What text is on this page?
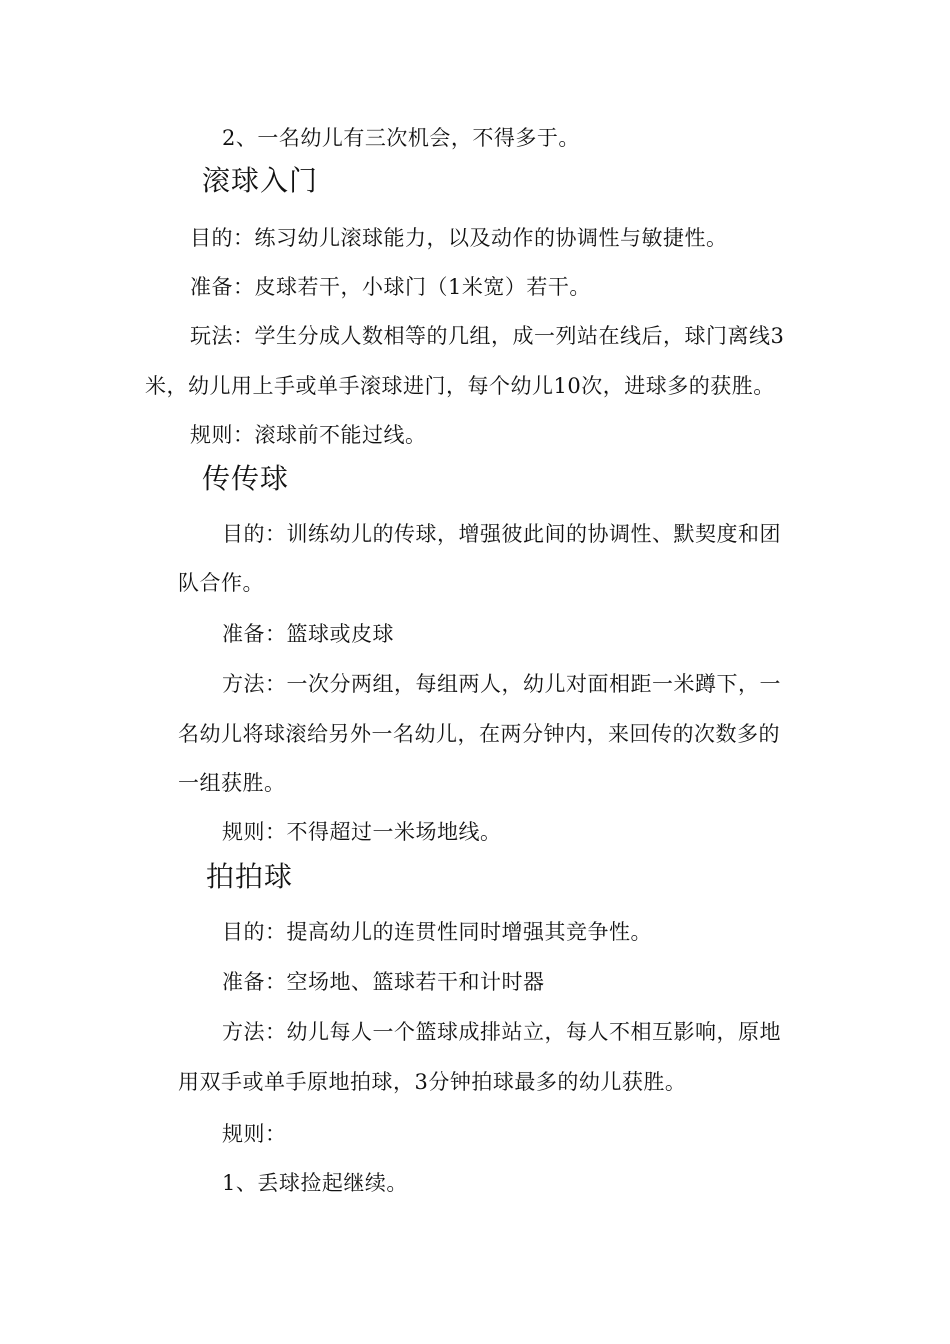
2、一名幼儿有三次机会，不得多于。
滚球入门
目的：练习幼儿滚球能力，以及动作的协调性与敏捷性。
准备：皮球若干，小球门（1米宽）若干。
玩法：学生分成人数相等的几组，成一列站在线后，球门离线3
米，幼儿用上手或单手滚球进门，每个幼儿10次，进球多的获胜。
规则：滚球前不能过线。
传传球
目的：训练幼儿的传球，增强彼此间的协调性、默契度和团
队合作。
准备：篮球或皮球
方法：一次分两组，每组两人，幼儿对面相距一米蹲下，一
名幼儿将球滚给另外一名幼儿，在两分钟内，来回传的次数多的
一组获胜。
规则：不得超过一米场地线。
拍拍球
目的：提高幼儿的连贯性同时增强其竞争性。
准备：空场地、篮球若干和计时器
方法：幼儿每人一个篮球成排站立，每人不相互影响，原地
用双手或单手原地拍球，3分钟拍球最多的幼儿获胜。
规则：
1、丢球捡起继续。
